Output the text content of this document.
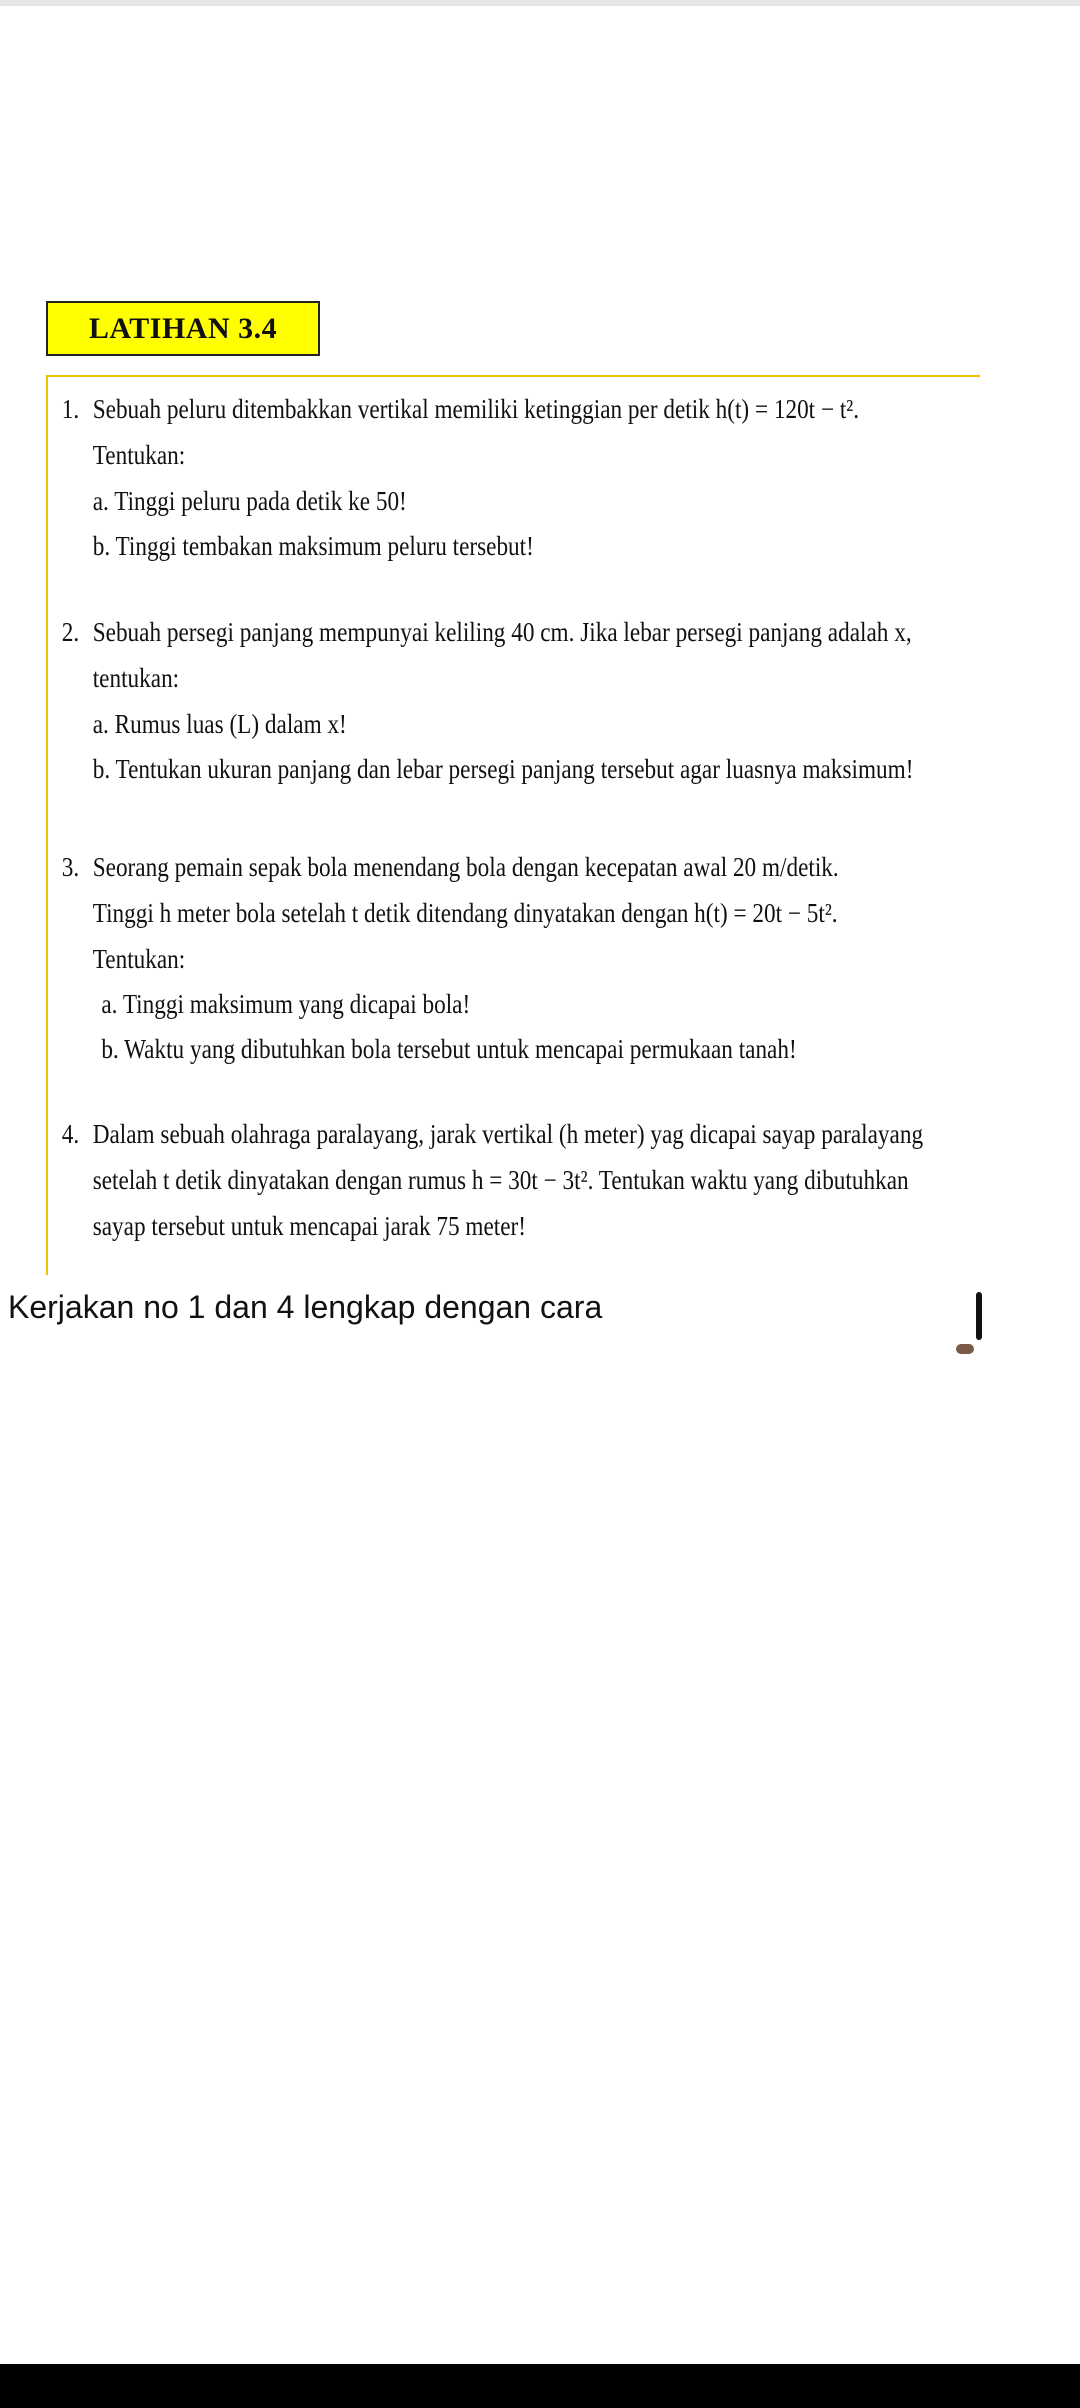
LATIHAN 3.4
1. Sebuah peluru ditembakkan vertikal memiliki ketinggian per detik h(t) = 120t − t².
Tentukan:
a. Tinggi peluru pada detik ke 50!
b. Tinggi tembakan maksimum peluru tersebut!
2. Sebuah persegi panjang mempunyai keliling 40 cm. Jika lebar persegi panjang adalah x,
tentukan:
a. Rumus luas (L) dalam x!
b. Tentukan ukuran panjang dan lebar persegi panjang tersebut agar luasnya maksimum!
3. Seorang pemain sepak bola menendang bola dengan kecepatan awal 20 m/detik.
Tinggi h meter bola setelah t detik ditendang dinyatakan dengan h(t) = 20t − 5t².
Tentukan:
a. Tinggi maksimum yang dicapai bola!
b. Waktu yang dibutuhkan bola tersebut untuk mencapai permukaan tanah!
4. Dalam sebuah olahraga paralayang, jarak vertikal (h meter) yag dicapai sayap paralayang
setelah t detik dinyatakan dengan rumus h = 30t − 3t². Tentukan waktu yang dibutuhkan
sayap tersebut untuk mencapai jarak 75 meter!
Kerjakan no 1 dan 4 lengkap dengan cara
